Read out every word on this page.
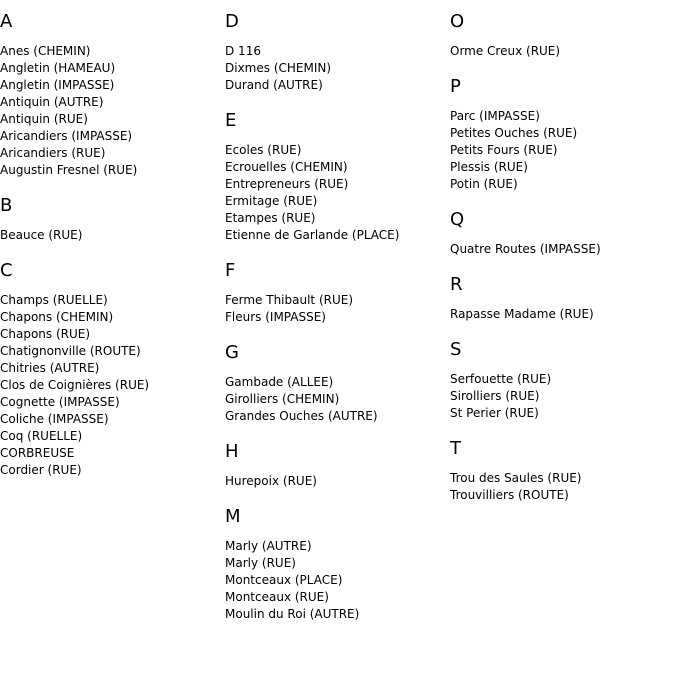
A
Anes (CHEMIN)
Angletin (HAMEAU)
Angletin (IMPASSE)
Antiquin (AUTRE)
Antiquin (RUE)
Aricandiers (IMPASSE)
Aricandiers (RUE)
Augustin Fresnel (RUE)
B
Beauce (RUE)
C
Champs (RUELLE)
Chapons (CHEMIN)
Chapons (RUE)
Chatignonville (ROUTE)
Chitries (AUTRE)
Clos de Coignières (RUE)
Cognette (IMPASSE)
Coliche (IMPASSE)
Coq (RUELLE)
CORBREUSE
Cordier (RUE)
D
D 116
Dixmes (CHEMIN)
Durand (AUTRE)
E
Ecoles (RUE)
Ecrouelles (CHEMIN)
Entrepreneurs (RUE)
Ermitage (RUE)
Etampes (RUE)
Etienne de Garlande (PLACE)
F
Ferme Thibault (RUE)
Fleurs (IMPASSE)
G
Gambade (ALLEE)
Girolliers (CHEMIN)
Grandes Ouches (AUTRE)
H
Hurepoix (RUE)
M
Marly (AUTRE)
Marly (RUE)
Montceaux (PLACE)
Montceaux (RUE)
Moulin du Roi (AUTRE)
O
Orme Creux (RUE)
P
Parc (IMPASSE)
Petites Ouches (RUE)
Petits Fours (RUE)
Plessis (RUE)
Potin (RUE)
Q
Quatre Routes (IMPASSE)
R
Rapasse Madame (RUE)
S
Serfouette (RUE)
Sirolliers (RUE)
St Perier (RUE)
T
Trou des Saules (RUE)
Trouvilliers (ROUTE)
